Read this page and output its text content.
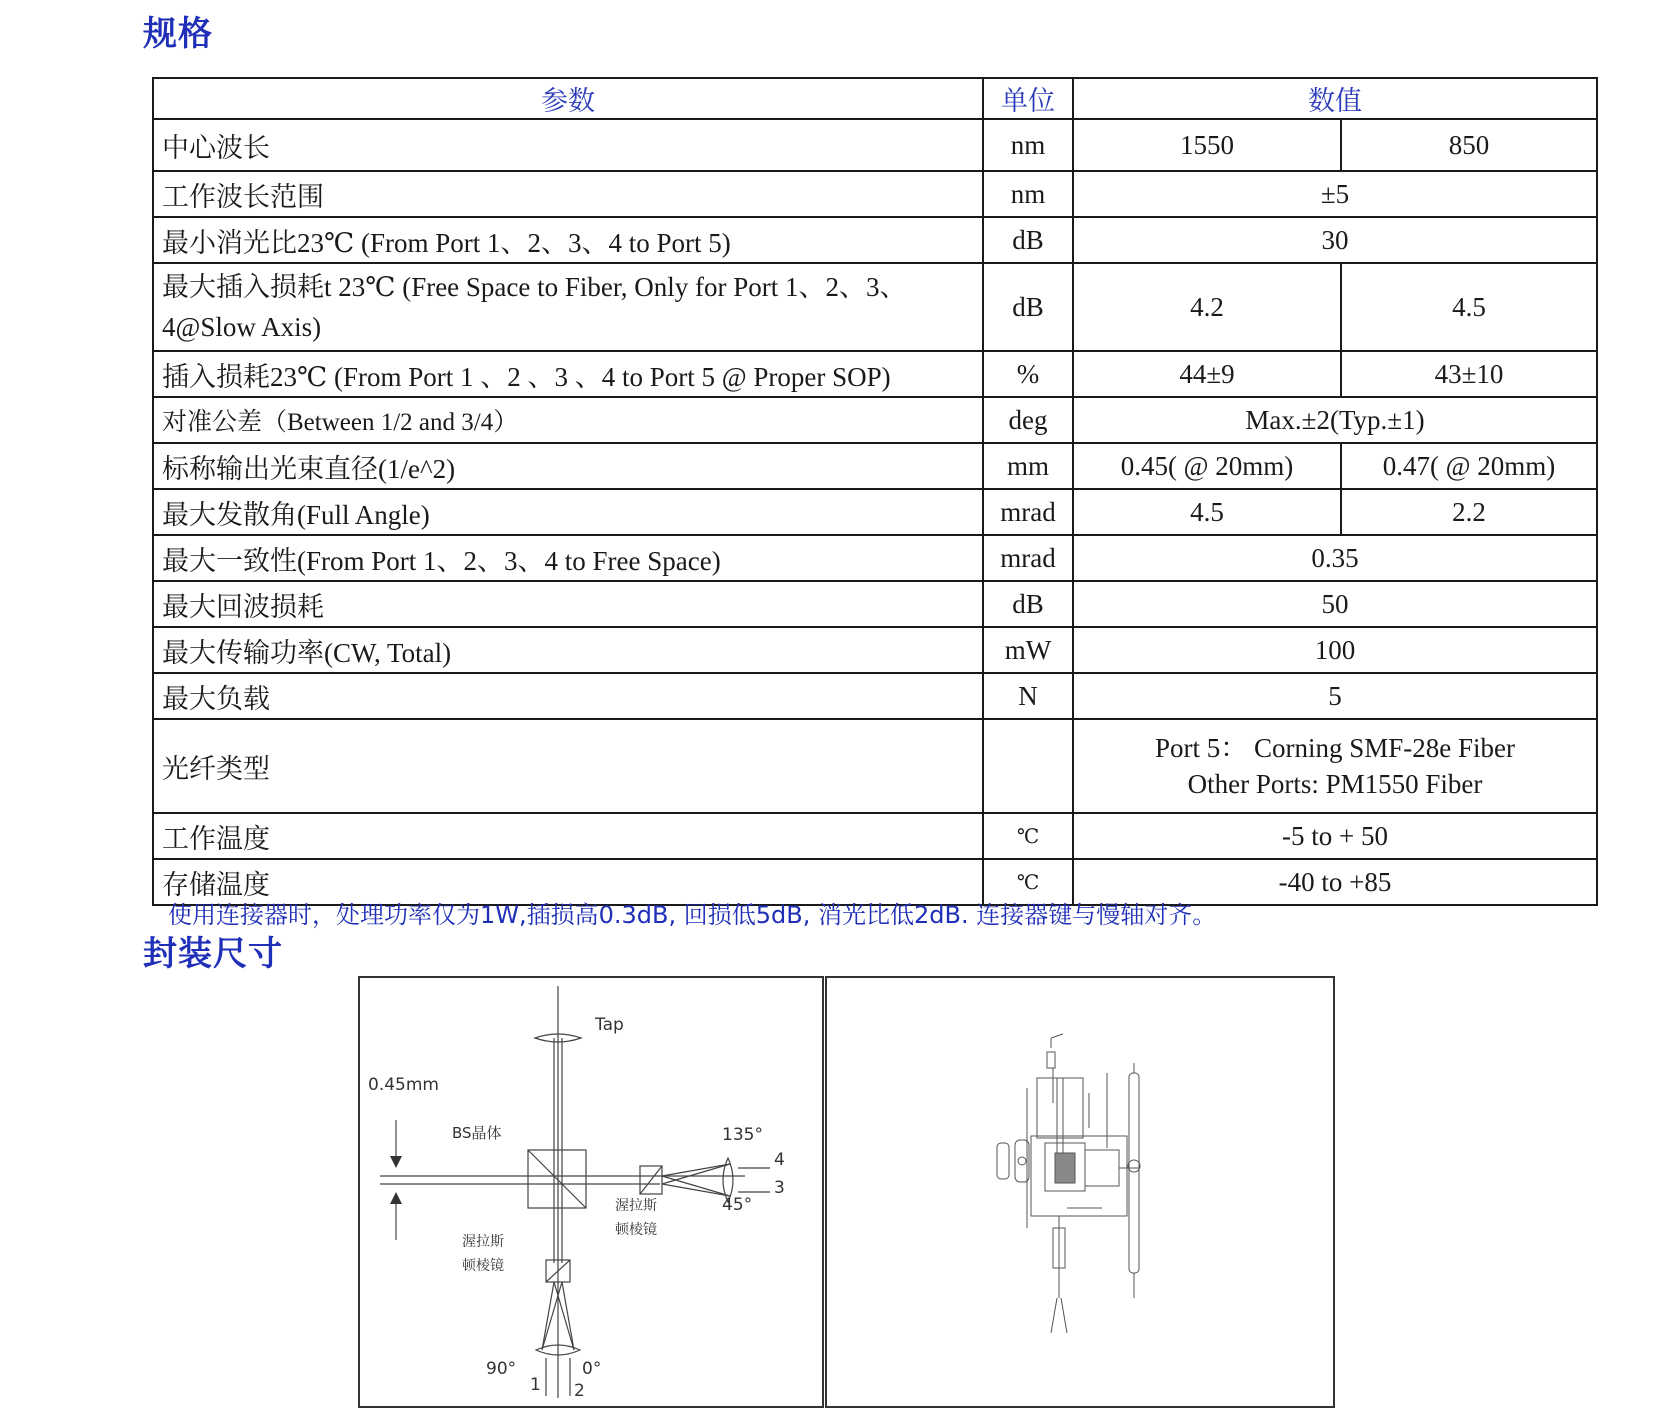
规格
参数	单位	数值	
中心波长	nm	1550	850
工作波长范围	nm	±5	
最小消光比23℃ (From Port 1、2、3、4 to Port 5)	dB	30	
最大插入损耗t 23℃ (Free Space to Fiber, Only for Port 1、2、3、4@Slow Axis)	dB	4.2	4.5
插入损耗23℃ (From Port 1 、2 、3 、4 to Port 5 @ Proper SOP)	%	44±9	43±10
对准公差（Between 1/2 and 3/4）	deg	Max.±2(Typ.±1)	
标称输出光束直径(1/e^2)	mm	0.45( @ 20mm)	0.47( @ 20mm)
最大发散角(Full Angle)	mrad	4.5	2.2
最大一致性(From Port 1、2、3、4 to Free Space)	mrad	0.35	
最大回波损耗	dB	50	
最大传输功率(CW, Total)	mW	100	
最大负载	N	5	
光纤类型		Port 5： Corning SMF-28e Fiber
Other Ports: PM1550 Fiber	

工作温度	℃	-5 to + 50	
存储温度	℃	-40 to +85	
使用连接器时，处理功率仅为1W,插损高0.3dB, 回损低5dB, 消光比低2dB. 连接器键与慢轴对齐。
封装尺寸
Tap
0.45mm
BS晶体
渥拉斯
顿棱镜
渥拉斯
顿棱镜
135°
45°
4
3
90°	0°
1 2
